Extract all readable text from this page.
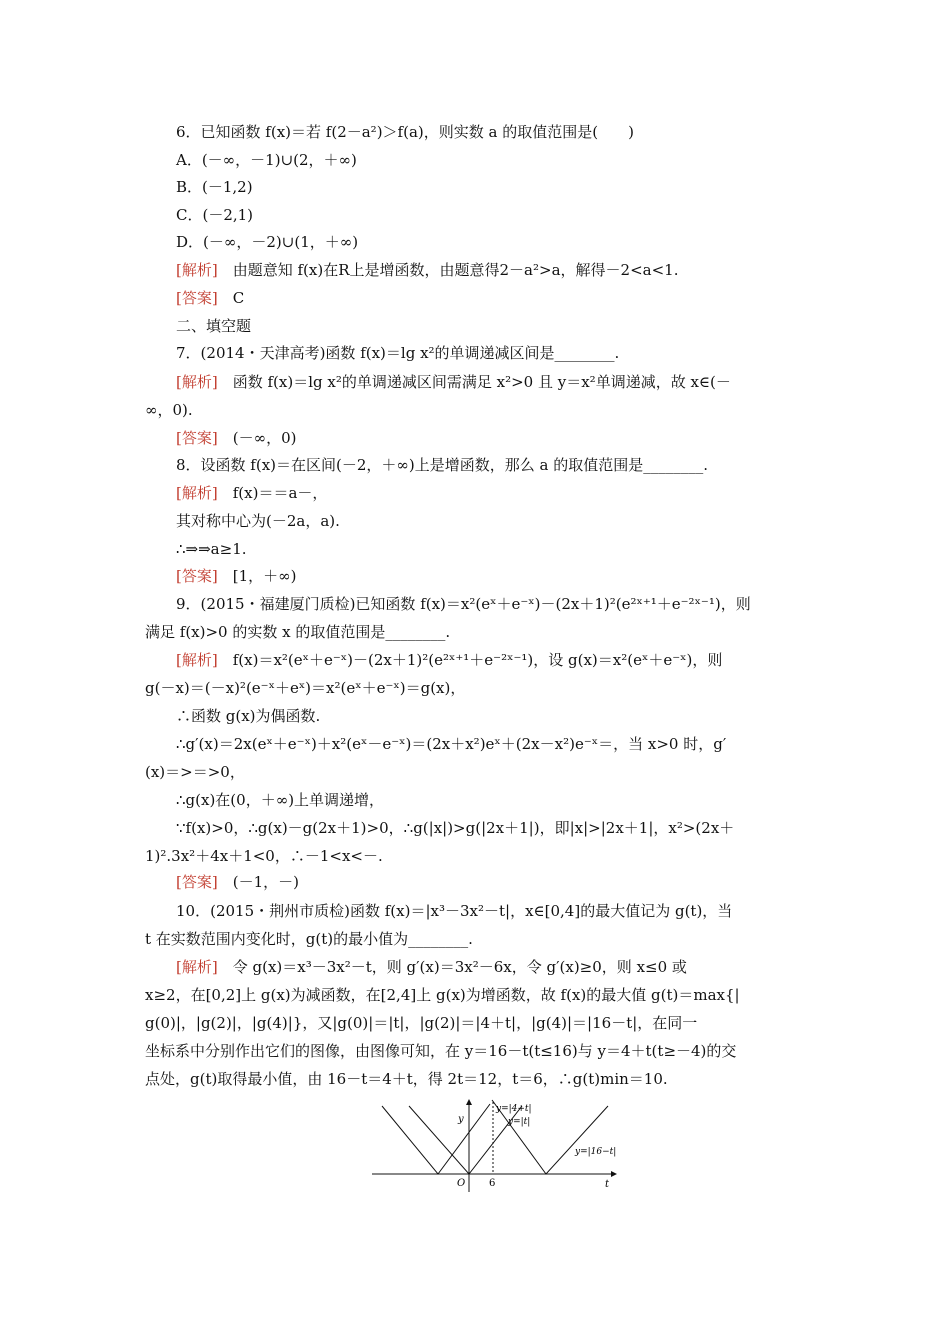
6．已知函数 f(x)＝若 f(2－a²)＞f(a)，则实数 a 的取值范围是(　　)
A．(－∞，－1)∪(2，＋∞)
B．(－1,2)
C．(－2,1)
D．(－∞，－2)∪(1，＋∞)
[解析]　 由题意知 f(x)在R上是增函数，由题意得2－a²>a，解得－2<a<1.
[答案]　 C
二、填空题
7．(2014・天津高考)函数 f(x)＝lg x²的单调递减区间是________.
[解析]　 函数 f(x)＝lg x²的单调递减区间需满足 x²>0 且 y＝x²单调递减，故 x∈(－
∞，0).
[答案]　 (－∞，0)
8．设函数 f(x)＝在区间(－2，＋∞)上是增函数，那么 a 的取值范围是________.
[解析]　 f(x)＝＝a－，
其对称中心为(－2a，a).
∴⇒⇒a≥1.
[答案]　 [1，＋∞)
9．(2015・福建厦门质检)已知函数 f(x)＝x²(eˣ＋e⁻ˣ)－(2x＋1)²(e²ˣ⁺¹＋e⁻²ˣ⁻¹)，则
满足 f(x)>0 的实数 x 的取值范围是________.
[解析]　 f(x)＝x²(eˣ＋e⁻ˣ)－(2x＋1)²(e²ˣ⁺¹＋e⁻²ˣ⁻¹)，设 g(x)＝x²(eˣ＋e⁻ˣ)，则
g(－x)＝(－x)²(e⁻ˣ＋eˣ)＝x²(eˣ＋e⁻ˣ)＝g(x)，
∴函数 g(x)为偶函数.
∴g′(x)＝2x(eˣ＋e⁻ˣ)＋x²(eˣ－e⁻ˣ)＝(2x＋x²)eˣ＋(2x－x²)e⁻ˣ＝，当 x>0 时，g′
(x)＝>＝>0，
∴g(x)在(0，＋∞)上单调递增，
∵f(x)>0，∴g(x)－g(2x＋1)>0，∴g(|x|)>g(|2x＋1|)，即|x|>|2x＋1|，x²>(2x＋
1)².3x²＋4x＋1<0，∴－1<x<－.
[答案]　 (－1，－)
10．(2015・荆州市质检)函数 f(x)＝|x³－3x²－t|，x∈[0,4]的最大值记为 g(t)，当
t 在实数范围内变化时，g(t)的最小值为________.
[解析]　 令 g(x)＝x³－3x²－t，则 g′(x)＝3x²－6x，令 g′(x)≥0，则 x≤0 或
x≥2，在[0,2]上 g(x)为减函数，在[2,4]上 g(x)为增函数，故 f(x)的最大值 g(t)＝max{|
g(0)|，|g(2)|，|g(4)|}，又|g(0)|＝|t|，|g(2)|＝|4＋t|，|g(4)|＝|16－t|，在同一
坐标系中分别作出它们的图像，由图像可知，在 y＝16－t(t≤16)与 y＝4＋t(t≥－4)的交
点处，g(t)取得最小值，由 16－t＝4＋t，得 2t＝12，t＝6，∴g(t)min＝10.
y=|4+t|
y=|t|
y=|16−t|
y
t
O 6
